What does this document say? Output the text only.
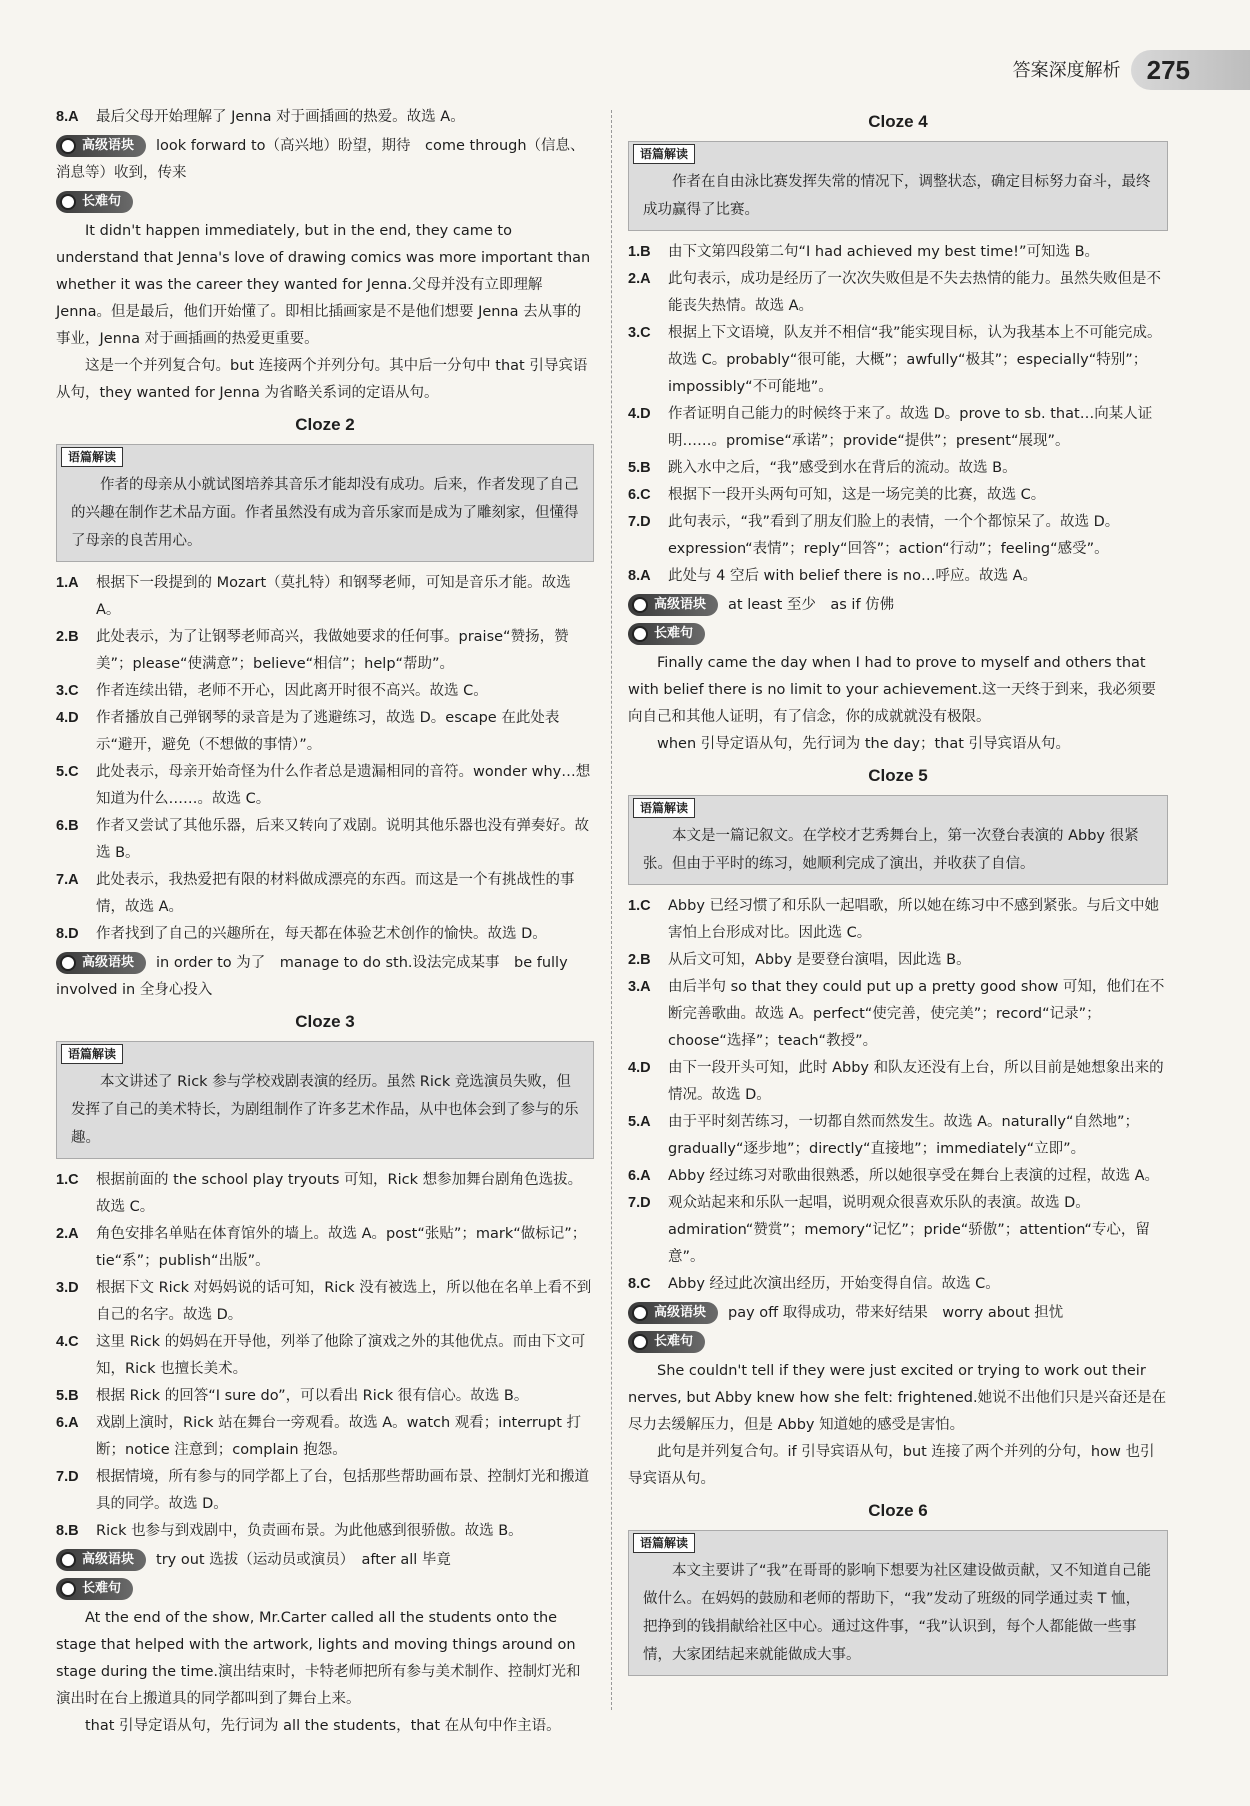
答案深度解析	275

8.A 最后父母开始理解了 Jenna 对于画插画的热爱。故选 A。

高级语块 look forward to（高兴地）盼望，期待　come through（信息、消息等）收到，传来

长难句

It didn't happen immediately, but in the end, they came to understand that Jenna's love of drawing comics was more important than whether it was the career they wanted for Jenna.父母并没有立即理解 Jenna。但是最后，他们开始懂了。即相比插画家是不是他们想要 Jenna 去从事的事业，Jenna 对于画插画的热爱更重要。

这是一个并列复合句。but 连接两个并列分句。其中后一分句中 that 引导宾语从句，they wanted for Jenna 为省略关系词的定语从句。

Cloze 2
语篇解读

作者的母亲从小就试图培养其音乐才能却没有成功。后来，作者发现了自己的兴趣在制作艺术品方面。作者虽然没有成为音乐家而是成为了雕刻家，但懂得了母亲的良苦用心。

1.A 根据下一段提到的 Mozart（莫扎特）和钢琴老师，可知是音乐才能。故选 A。

2.B 此处表示，为了让钢琴老师高兴，我做她要求的任何事。praise“赞扬，赞美”；please“使满意”；believe“相信”；help“帮助”。

3.C 作者连续出错，老师不开心，因此离开时很不高兴。故选 C。

4.D 作者播放自己弹钢琴的录音是为了逃避练习，故选 D。escape 在此处表示“避开，避免（不想做的事情）”。

5.C 此处表示，母亲开始奇怪为什么作者总是遗漏相同的音符。wonder why…想知道为什么……。故选 C。

6.B 作者又尝试了其他乐器，后来又转向了戏剧。说明其他乐器也没有弹奏好。故选 B。

7.A 此处表示，我热爱把有限的材料做成漂亮的东西。而这是一个有挑战性的事情，故选 A。

8.D 作者找到了自己的兴趣所在，每天都在体验艺术创作的愉快。故选 D。

高级语块 in order to 为了　manage to do sth.设法完成某事　be fully involved in 全身心投入

Cloze 3
语篇解读

本文讲述了 Rick 参与学校戏剧表演的经历。虽然 Rick 竞选演员失败，但发挥了自己的美术特长，为剧组制作了许多艺术作品，从中也体会到了参与的乐趣。

1.C 根据前面的 the school play tryouts 可知，Rick 想参加舞台剧角色选拔。故选 C。

2.A 角色安排名单贴在体育馆外的墙上。故选 A。post“张贴”；mark“做标记”；tie“系”；publish“出版”。

3.D 根据下文 Rick 对妈妈说的话可知，Rick 没有被选上，所以他在名单上看不到自己的名字。故选 D。

4.C 这里 Rick 的妈妈在开导他，列举了他除了演戏之外的其他优点。而由下文可知，Rick 也擅长美术。

5.B 根据 Rick 的回答“I sure do”，可以看出 Rick 很有信心。故选 B。

6.A 戏剧上演时，Rick 站在舞台一旁观看。故选 A。watch 观看；interrupt 打断；notice 注意到；complain 抱怨。

7.D 根据情境，所有参与的同学都上了台，包括那些帮助画布景、控制灯光和搬道具的同学。故选 D。

8.B Rick 也参与到戏剧中，负责画布景。为此他感到很骄傲。故选 B。

高级语块 try out 选拔（运动员或演员）　after all 毕竟

长难句

At the end of the show, Mr.Carter called all the students onto the stage that helped with the artwork, lights and moving things around on stage during the time.演出结束时，卡特老师把所有参与美术制作、控制灯光和演出时在台上搬道具的同学都叫到了舞台上来。

that 引导定语从句，先行词为 all the students，that 在从句中作主语。

Cloze 4
语篇解读

作者在自由泳比赛发挥失常的情况下，调整状态，确定目标努力奋斗，最终成功赢得了比赛。

1.B 由下文第四段第二句“I had achieved my best time!”可知选 B。

2.A 此句表示，成功是经历了一次次失败但是不失去热情的能力。虽然失败但是不能丧失热情。故选 A。

3.C 根据上下文语境，队友并不相信“我”能实现目标，认为我基本上不可能完成。故选 C。probably“很可能，大概”；awfully“极其”；especially“特别”；impossibly“不可能地”。

4.D 作者证明自己能力的时候终于来了。故选 D。prove to sb. that…向某人证明……。promise“承诺”；provide“提供”；present“展现”。

5.B 跳入水中之后，“我”感受到水在背后的流动。故选 B。

6.C 根据下一段开头两句可知，这是一场完美的比赛，故选 C。

7.D 此句表示，“我”看到了朋友们脸上的表情，一个个都惊呆了。故选 D。expression“表情”；reply“回答”；action“行动”；feeling“感受”。

8.A 此处与 4 空后 with belief there is no…呼应。故选 A。

高级语块 at least 至少　as if 仿佛

长难句

Finally came the day when I had to prove to myself and others that with belief there is no limit to your achievement.这一天终于到来，我必须要向自己和其他人证明，有了信念，你的成就就没有极限。

when 引导定语从句，先行词为 the day；that 引导宾语从句。

Cloze 5
语篇解读

本文是一篇记叙文。在学校才艺秀舞台上，第一次登台表演的 Abby 很紧张。但由于平时的练习，她顺利完成了演出，并收获了自信。

1.C Abby 已经习惯了和乐队一起唱歌，所以她在练习中不感到紧张。与后文中她害怕上台形成对比。因此选 C。

2.B 从后文可知，Abby 是要登台演唱，因此选 B。

3.A 由后半句 so that they could put up a pretty good show 可知，他们在不断完善歌曲。故选 A。perfect“使完善，使完美”；record“记录”；choose“选择”；teach“教授”。

4.D 由下一段开头可知，此时 Abby 和队友还没有上台，所以目前是她想象出来的情况。故选 D。

5.A 由于平时刻苦练习，一切都自然而然发生。故选 A。naturally“自然地”；gradually“逐步地”；directly“直接地”；immediately“立即”。

6.A Abby 经过练习对歌曲很熟悉，所以她很享受在舞台上表演的过程，故选 A。

7.D 观众站起来和乐队一起唱，说明观众很喜欢乐队的表演。故选 D。admiration“赞赏”；memory“记忆”；pride“骄傲”；attention“专心，留意”。

8.C Abby 经过此次演出经历，开始变得自信。故选 C。

高级语块 pay off 取得成功，带来好结果　worry about 担忧

长难句

She couldn't tell if they were just excited or trying to work out their nerves, but Abby knew how she felt: frightened.她说不出他们只是兴奋还是在尽力去缓解压力，但是 Abby 知道她的感受是害怕。

此句是并列复合句。if 引导宾语从句，but 连接了两个并列的分句，how 也引导宾语从句。

Cloze 6
语篇解读

本文主要讲了“我”在哥哥的影响下想要为社区建设做贡献，又不知道自己能做什么。在妈妈的鼓励和老师的帮助下，“我”发动了班级的同学通过卖 T 恤，把挣到的钱捐献给社区中心。通过这件事，“我”认识到，每个人都能做一些事情，大家团结起来就能做成大事。
